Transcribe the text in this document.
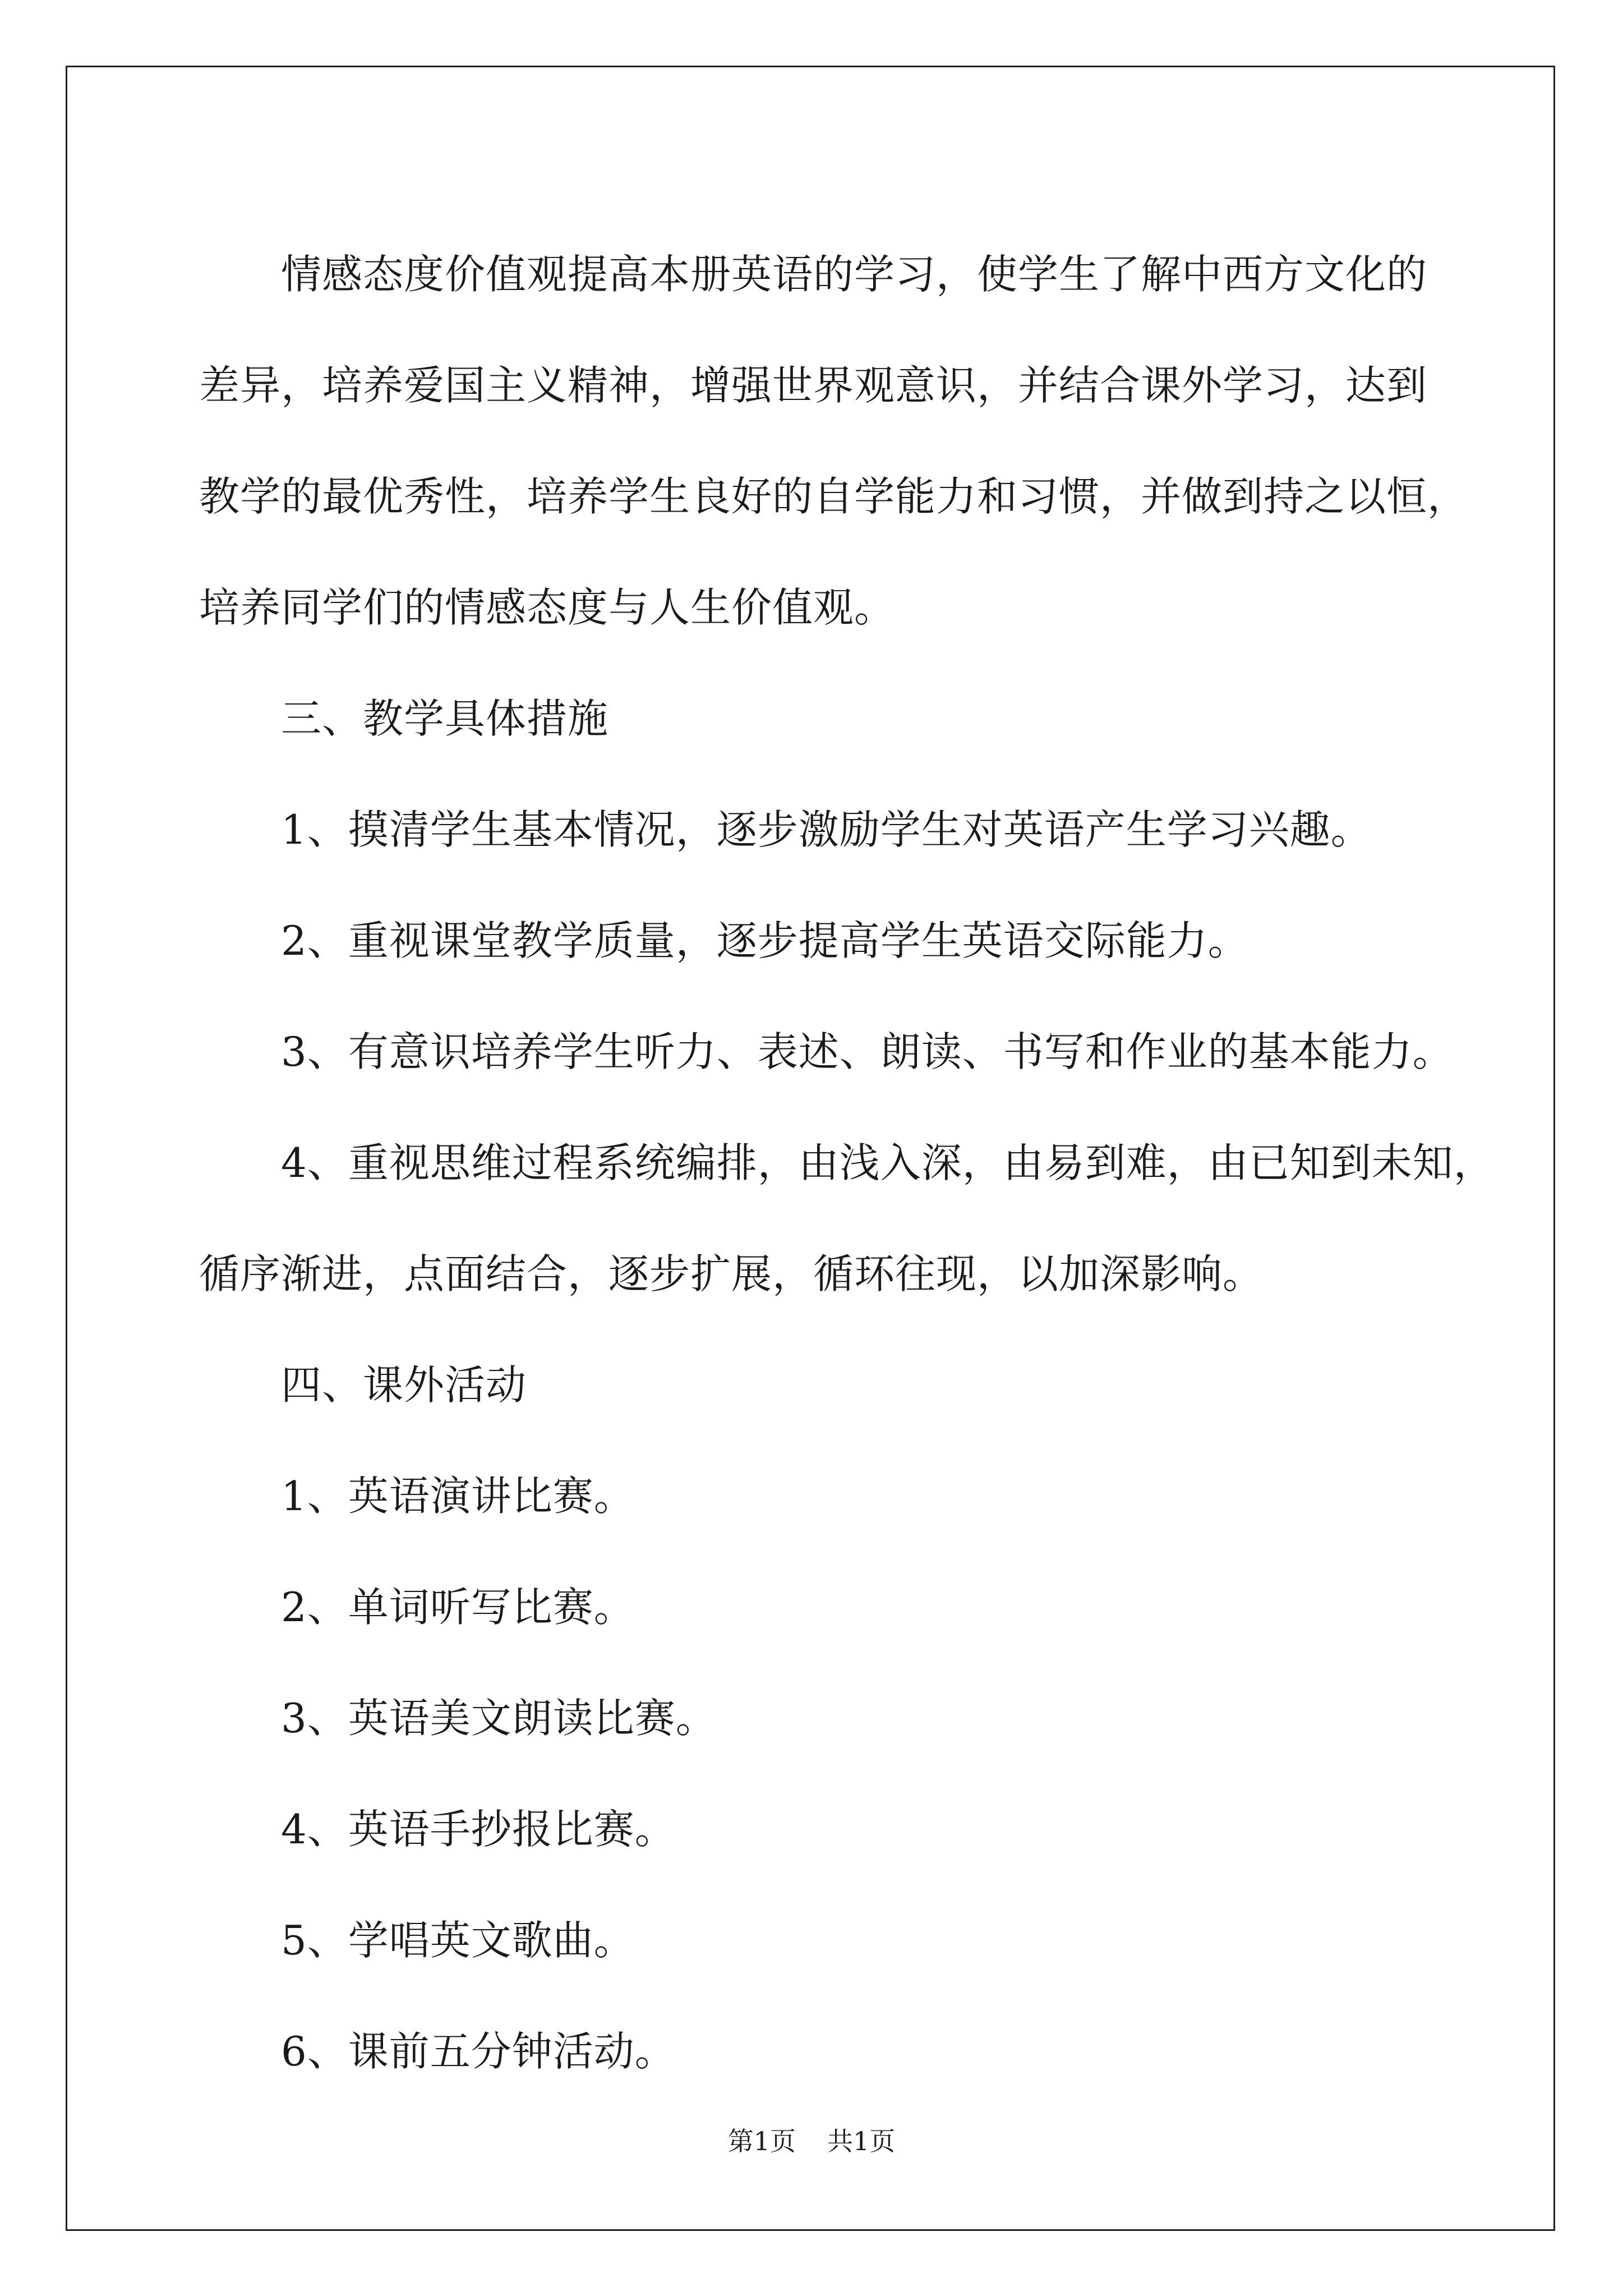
情感态度价值观提高本册英语的学习，使学生了解中西方文化的

差异，培养爱国主义精神，增强世界观意识，并结合课外学习，达到

教学的最优秀性，培养学生良好的自学能力和习惯，并做到持之以恒，

培养同学们的情感态度与人生价值观。

三、教学具体措施

1、摸清学生基本情况，逐步激励学生对英语产生学习兴趣。

2、重视课堂教学质量，逐步提高学生英语交际能力。

3、有意识培养学生听力、表述、朗读、书写和作业的基本能力。

4、重视思维过程系统编排，由浅入深，由易到难，由已知到未知，

循序渐进，点面结合，逐步扩展，循环往现，以加深影响。

四、课外活动

1、英语演讲比赛。

2、单词听写比赛。

3、英语美文朗读比赛。

4、英语手抄报比赛。

5、学唱英文歌曲。

6、课前五分钟活动。

第1页 共1页
